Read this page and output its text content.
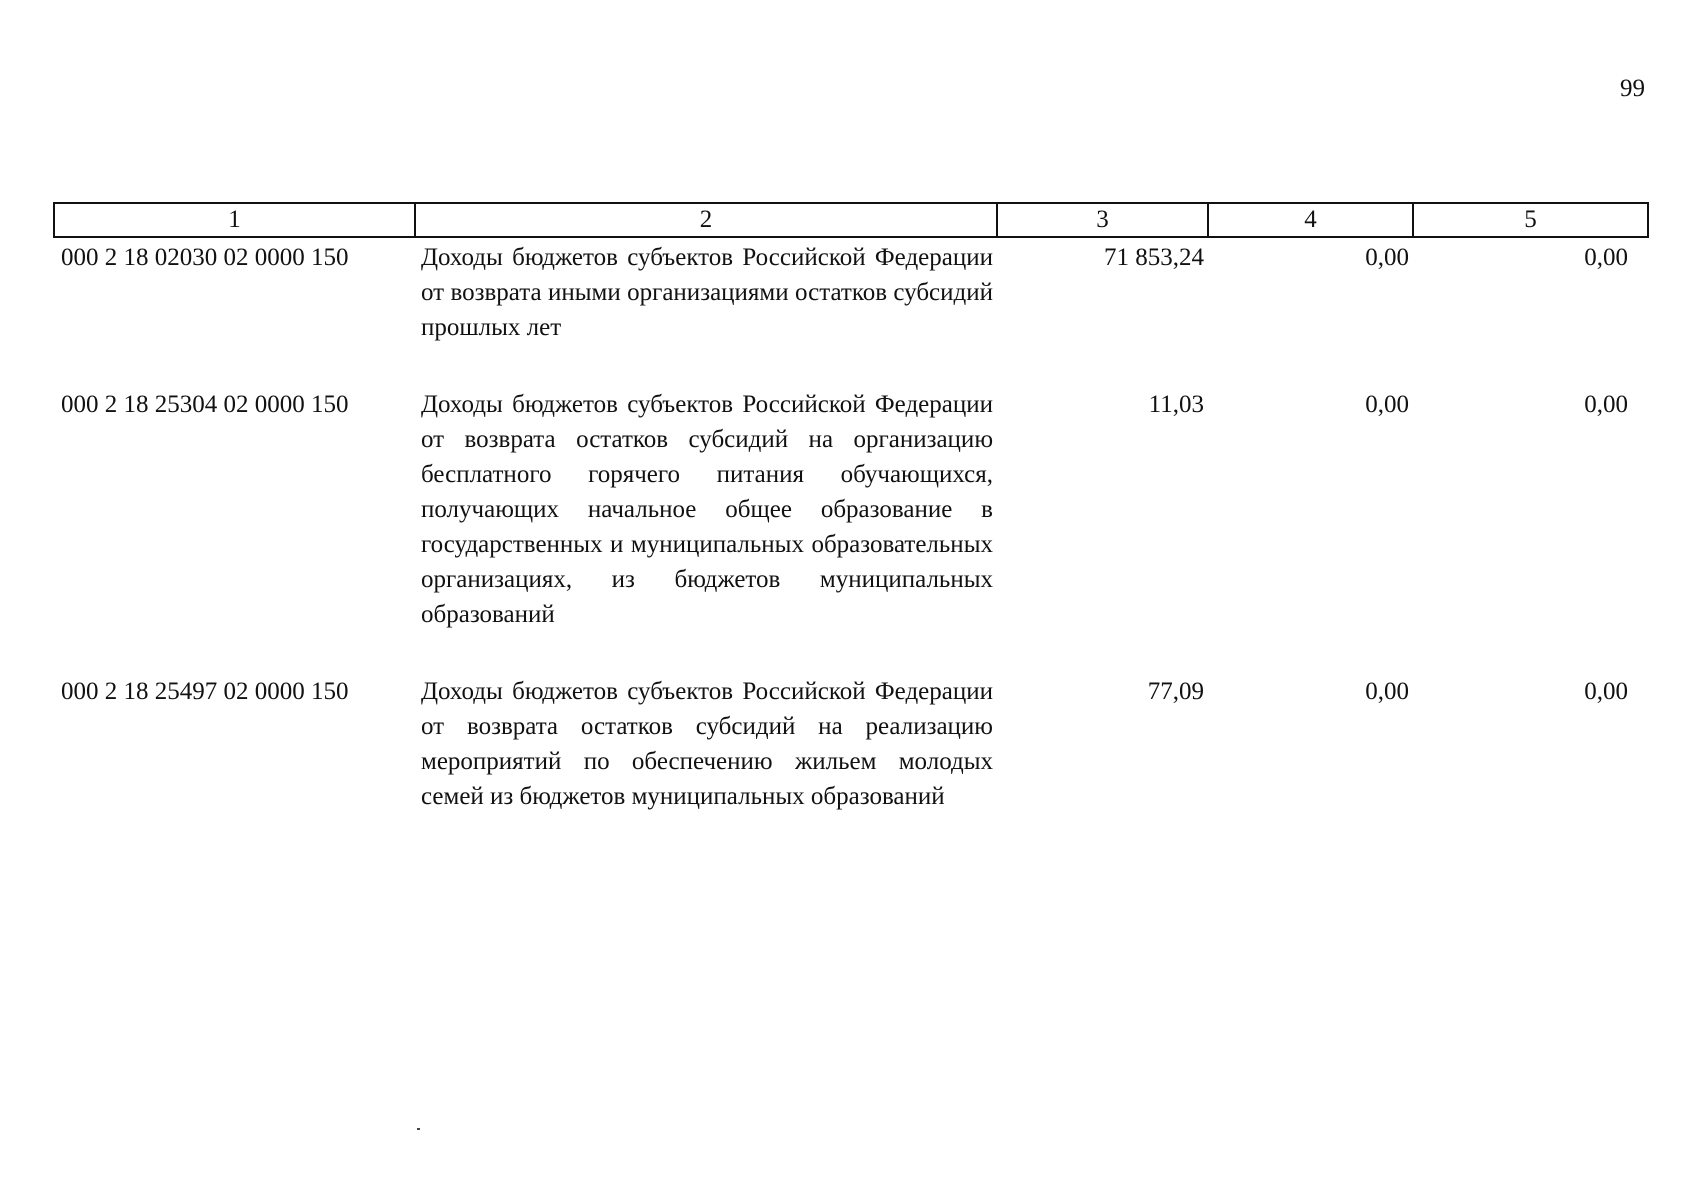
99
1	2	3	4	5
000 2 18 02030 02 0000 150	Доходы бюджетов субъектов Российской Федерации от возврата иными организациями остатков субсидий прошлых лет	71 853,24	0,00	0,00
000 2 18 25304 02 0000 150	Доходы бюджетов субъектов Российской Федерации от возврата остатков субсидий на организацию бесплатного горячего питания обучающихся, получающих начальное общее образование в государственных и муниципальных образовательных организациях, из бюджетов муниципальных образований	11,03	0,00	0,00
000 2 18 25497 02 0000 150	Доходы бюджетов субъектов Российской Федерации от возврата остатков субсидий на реализацию мероприятий по обеспечению жильем молодых семей из бюджетов муниципальных образований	77,09	0,00	0,00
